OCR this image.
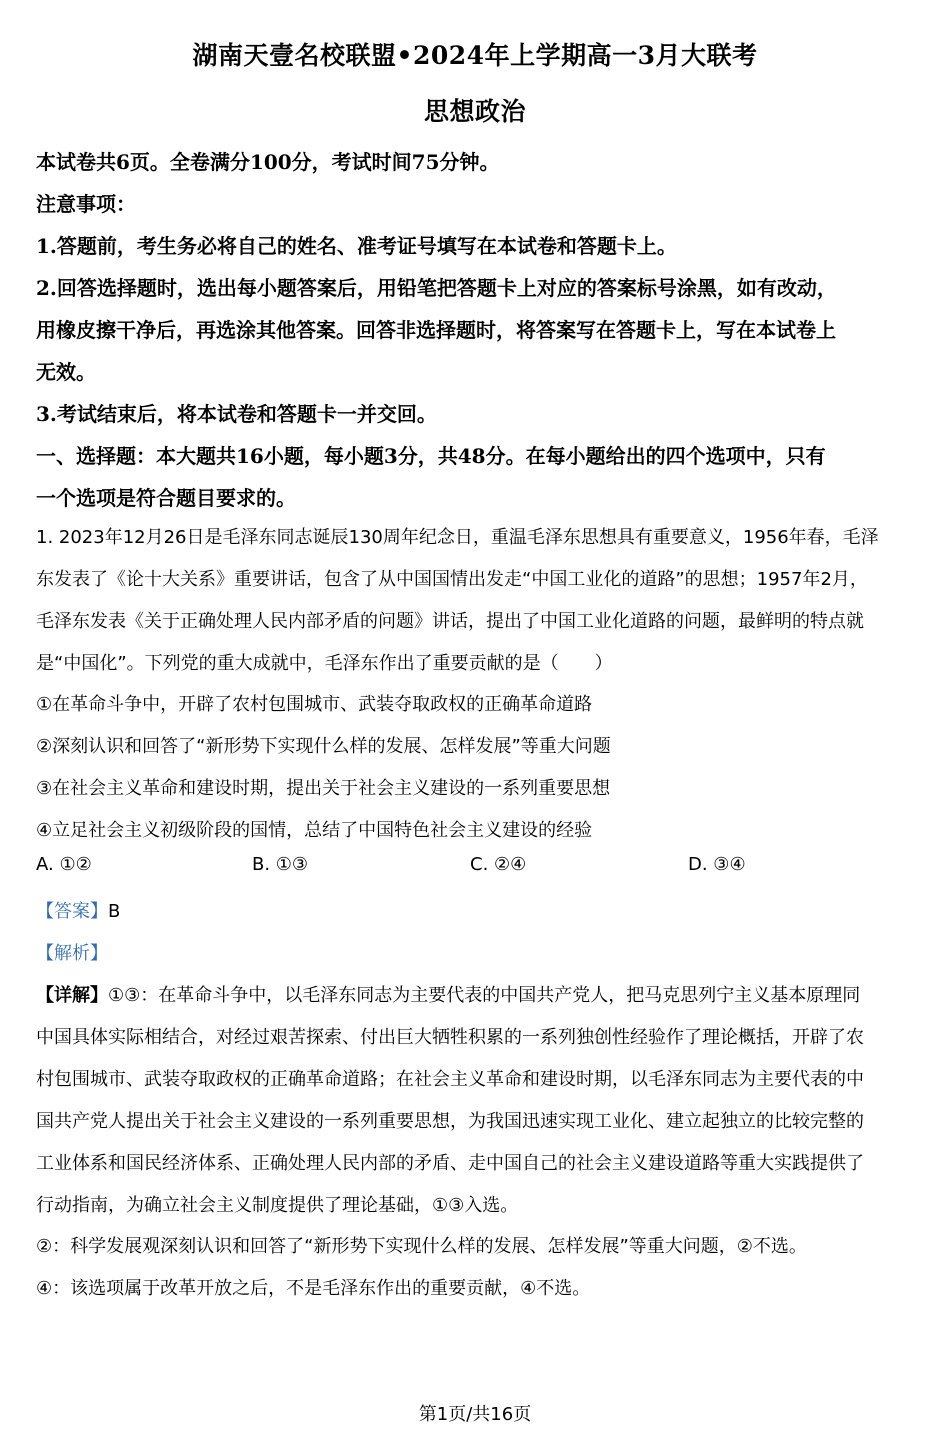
湖南天壹名校联盟•2024年上学期高一3月大联考
思想政治
本试卷共6页。全卷满分100分，考试时间75分钟。
注意事项：
1.答题前，考生务必将自己的姓名、准考证号填写在本试卷和答题卡上。
2.回答选择题时，选出每小题答案后，用铅笔把答题卡上对应的答案标号涂黑，如有改动，
用橡皮擦干净后，再选涂其他答案。回答非选择题时，将答案写在答题卡上，写在本试卷上
无效。
3.考试结束后，将本试卷和答题卡一并交回。
一、选择题：本大题共16小题，每小题3分，共48分。在每小题给出的四个选项中，只有
一个选项是符合题目要求的。
1. 2023年12月26日是毛泽东同志诞辰130周年纪念日，重温毛泽东思想具有重要意义，1956年春，毛泽
东发表了《论十大关系》重要讲话，包含了从中国国情出发走“中国工业化的道路”的思想；1957年2月，
毛泽东发表《关于正确处理人民内部矛盾的问题》讲话，提出了中国工业化道路的问题，最鲜明的特点就
是“中国化”。下列党的重大成就中，毛泽东作出了重要贡献的是（　　）
①在革命斗争中，开辟了农村包围城市、武装夺取政权的正确革命道路
②深刻认识和回答了“新形势下实现什么样的发展、怎样发展”等重大问题
③在社会主义革命和建设时期，提出关于社会主义建设的一系列重要思想
④立足社会主义初级阶段的国情，总结了中国特色社会主义建设的经验
A. ①②	B. ①③	C. ②④	D. ③④
【答案】B
【解析】
【详解】①③：在革命斗争中，以毛泽东同志为主要代表的中国共产党人，把马克思列宁主义基本原理同
中国具体实际相结合，对经过艰苦探索、付出巨大牺牲积累的一系列独创性经验作了理论概括，开辟了农
村包围城市、武装夺取政权的正确革命道路；在社会主义革命和建设时期，以毛泽东同志为主要代表的中
国共产党人提出关于社会主义建设的一系列重要思想，为我国迅速实现工业化、建立起独立的比较完整的
工业体系和国民经济体系、正确处理人民内部的矛盾、走中国自己的社会主义建设道路等重大实践提供了
行动指南，为确立社会主义制度提供了理论基础，①③入选。
②：科学发展观深刻认识和回答了“新形势下实现什么样的发展、怎样发展”等重大问题，②不选。
④：该选项属于改革开放之后，不是毛泽东作出的重要贡献，④不选。
第1页/共16页
